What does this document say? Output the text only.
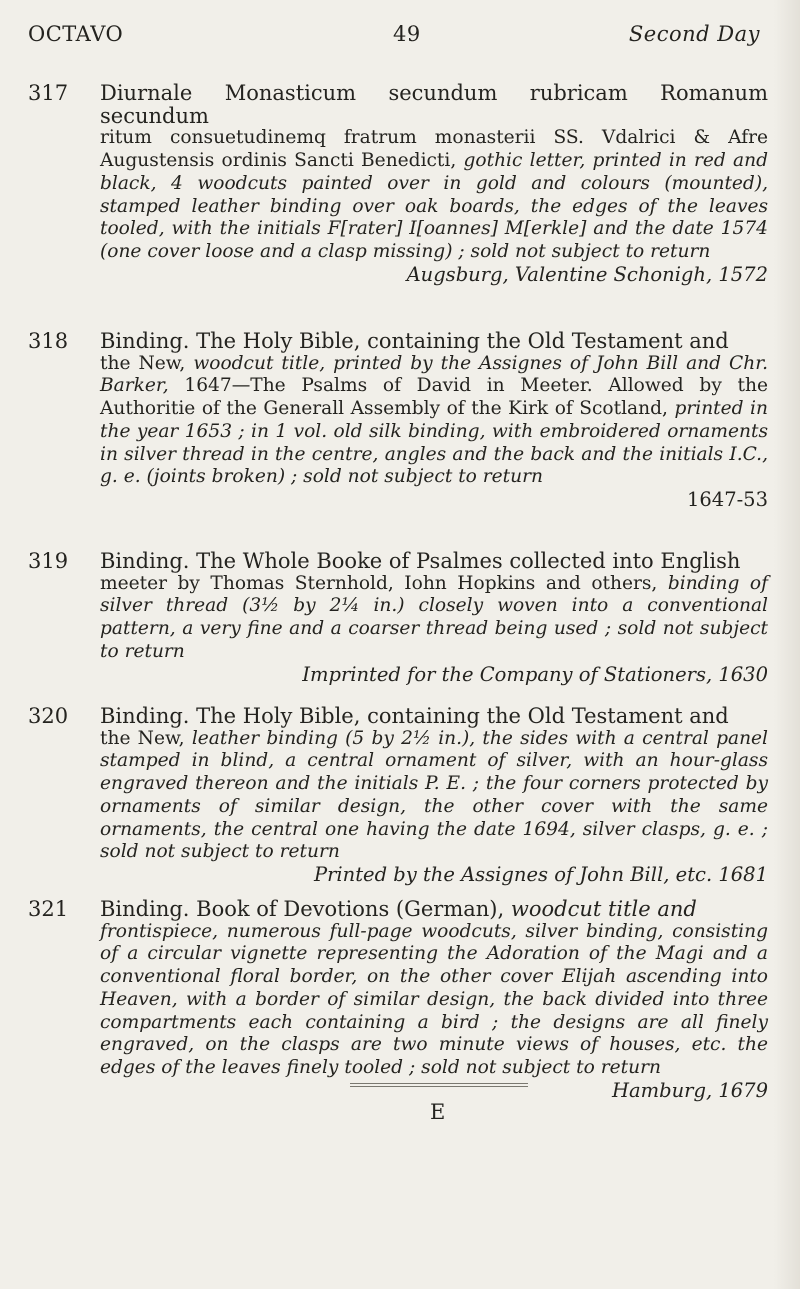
OCTAVO	49	Second Day
317 Diurnale Monasticum secundum rubricam Romanum secundum
ritum consuetudinemq fratrum monasterii SS. Vdalrici & Afre Augustensis ordinis Sancti Benedicti, gothic letter, printed in red and black, 4 woodcuts painted over in gold and colours (mounted), stamped leather binding over oak boards, the edges of the leaves tooled, with the initials F[rater] I[oannes] M[erkle] and the date 1574 (one cover loose and a clasp missing) ; sold not subject to return
Augsburg, Valentine Schonigh, 1572
318 Binding. The Holy Bible, containing the Old Testament and
the New, woodcut title, printed by the Assignes of John Bill and Chr. Barker, 1647—The Psalms of David in Meeter. Allowed by the Authoritie of the Generall Assembly of the Kirk of Scotland, printed in the year 1653 ; in 1 vol. old silk binding, with embroidered ornaments in silver thread in the centre, angles and the back and the initials I.C., g. e. (joints broken) ; sold not subject to return
1647-53
319 Binding. The Whole Booke of Psalmes collected into English
meeter by Thomas Sternhold, Iohn Hopkins and others, binding of silver thread (3½ by 2¼ in.) closely woven into a conventional pattern, a very fine and a coarser thread being used ; sold not subject to return
Imprinted for the Company of Stationers, 1630
320 Binding. The Holy Bible, containing the Old Testament and
the New, leather binding (5 by 2½ in.), the sides with a central panel stamped in blind, a central ornament of silver, with an hour-glass engraved thereon and the initials P. E. ; the four corners protected by ornaments of similar design, the other cover with the same ornaments, the central one having the date 1694, silver clasps, g. e. ; sold not subject to return
Printed by the Assignes of John Bill, etc. 1681
321 Binding. Book of Devotions (German), woodcut title and
frontispiece, numerous full-page woodcuts, silver binding, consisting of a circular vignette representing the Adoration of the Magi and a conventional floral border, on the other cover Elijah ascending into Heaven, with a border of similar design, the back divided into three compartments each containing a bird ; the designs are all finely engraved, on the clasps are two minute views of houses, etc. the edges of the leaves finely tooled ; sold not subject to return
Hamburg, 1679
E
